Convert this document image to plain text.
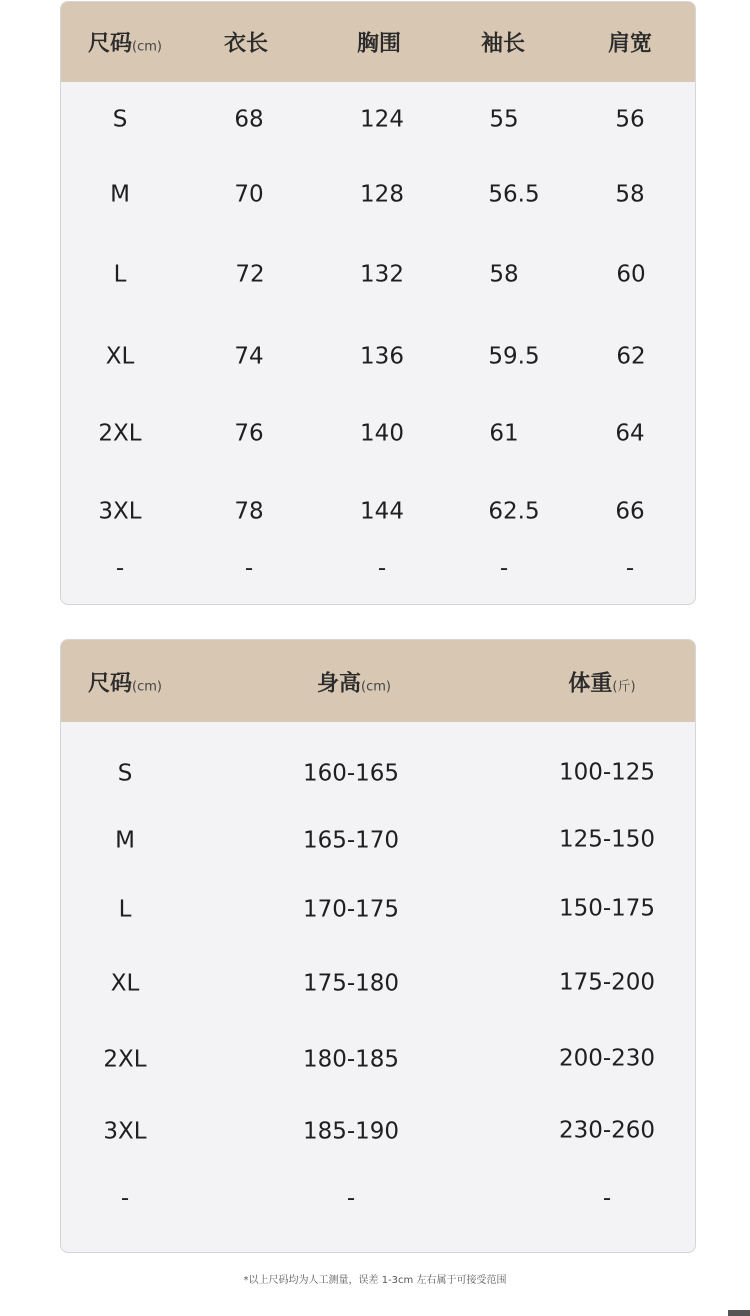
尺码(cm)	衣长	胸围	袖长	肩宽
S	68	124	55	56
M	70	128	56.5	58
L	72	132	58	60
XL	74	136	59.5	62
2XL	76	140	61	64
3XL	78	144	62.5	66
-	-	-	-	-
尺码(cm)	身高(cm)	体重(斤)
S	160-165	100-125
M	165-170	125-150
L	170-175	150-175
XL	175-180	175-200
2XL	180-185	200-230
3XL	185-190	230-260
-	-	-
*以上尺码均为人工测量，误差 1-3cm 左右属于可接受范围
